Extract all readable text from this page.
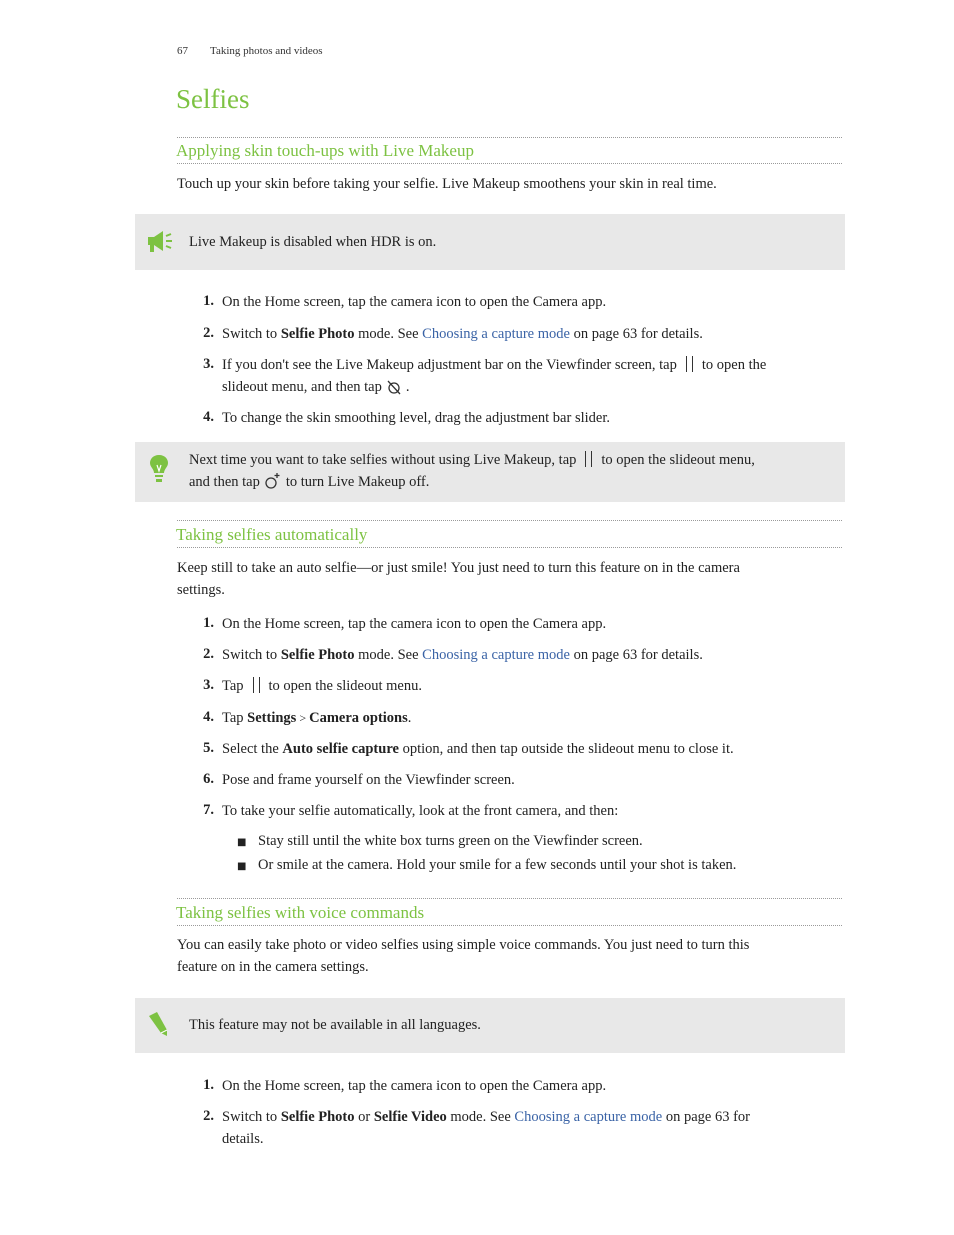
67 Taking photos and videos
Selfies
Applying skin touch-ups with Live Makeup
Touch up your skin before taking your selfie. Live Makeup smoothens your skin in real time.
Live Makeup is disabled when HDR is on.
1. On the Home screen, tap the camera icon to open the Camera app.
2. Switch to Selfie Photo mode. See Choosing a capture mode on page 63 for details.
3. If you don't see the Live Makeup adjustment bar on the Viewfinder screen, tap to open the
slideout menu, and then tap .
4. To change the skin smoothing level, drag the adjustment bar slider.
Next time you want to take selfies without using Live Makeup, tap to open the slideout menu,
and then tap to turn Live Makeup off.
Taking selfies automatically
Keep still to take an auto selfie—or just smile! You just need to turn this feature on in the camera
settings.
1. On the Home screen, tap the camera icon to open the Camera app.
2. Switch to Selfie Photo mode. See Choosing a capture mode on page 63 for details.
3. Tap to open the slideout menu.
4. Tap Settings > Camera options.
5. Select the Auto selfie capture option, and then tap outside the slideout menu to close it.
6. Pose and frame yourself on the Viewfinder screen.
7. To take your selfie automatically, look at the front camera, and then:
■ Stay still until the white box turns green on the Viewfinder screen.
■ Or smile at the camera. Hold your smile for a few seconds until your shot is taken.
Taking selfies with voice commands
You can easily take photo or video selfies using simple voice commands. You just need to turn this
feature on in the camera settings.
This feature may not be available in all languages.
1. On the Home screen, tap the camera icon to open the Camera app.
2. Switch to Selfie Photo or Selfie Video mode. See Choosing a capture mode on page 63 for
details.
